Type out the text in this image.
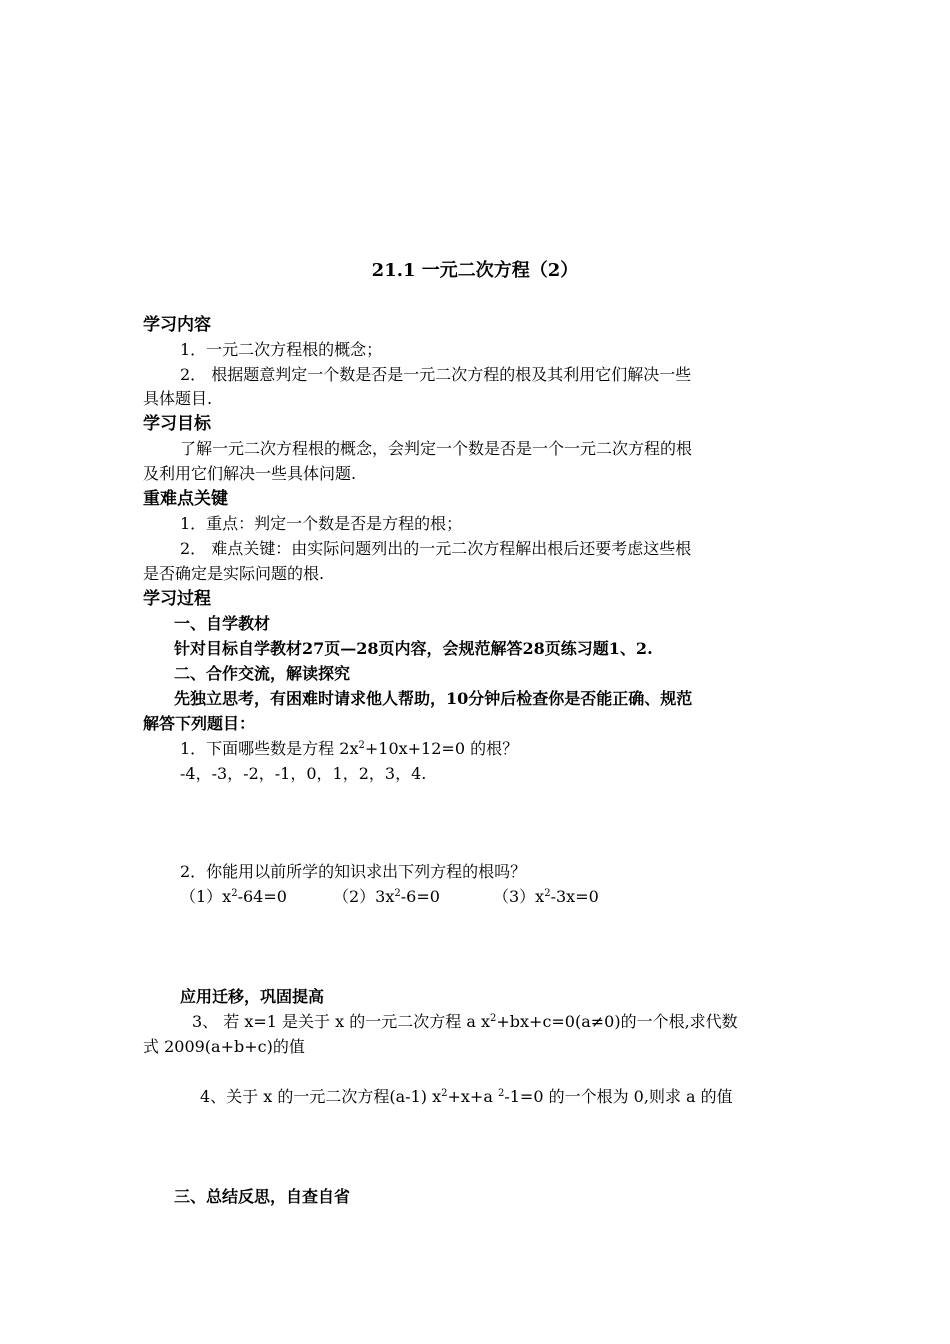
21.1 一元二次方程（2）
学习内容
1．一元二次方程根的概念；
2． 根据题意判定一个数是否是一元二次方程的根及其利用它们解决一些
具体题目.
学习目标
了解一元二次方程根的概念，会判定一个数是否是一个一元二次方程的根
及利用它们解决一些具体问题.
重难点关键
1．重点：判定一个数是否是方程的根；
2． 难点关键：由实际问题列出的一元二次方程解出根后还要考虑这些根
是否确定是实际问题的根.
学习过程
一、自学教材
针对目标自学教材27页—28页内容，会规范解答28页练习题1、2.
二、合作交流，解读探究
先独立思考，有困难时请求他人帮助，10分钟后检查你是否能正确、规范
解答下列题目：
1．下面哪些数是方程 $2x^2+10x+12=0$ 的根？
-4，-3，-2，-1，0，1，2，3，4.
2．你能用以前所学的知识求出下列方程的根吗？
$(1)x^2-64=0$	$(2)3x^2-6=0$	$(3)x^2-3x=0$
应用迁移，巩固提高
3、 若 x=1 是关于 x 的一元二次方程 a $x^2+bx+c=0(a\ne 0)$的一个根,求代数
式 2009(a+b+c)的值
4、关于 x 的一元二次方程(a-1) $x^2+x+a$ $^2$-1=0 的一个根为 0,则求 a 的值
三、总结反思，自查自省
